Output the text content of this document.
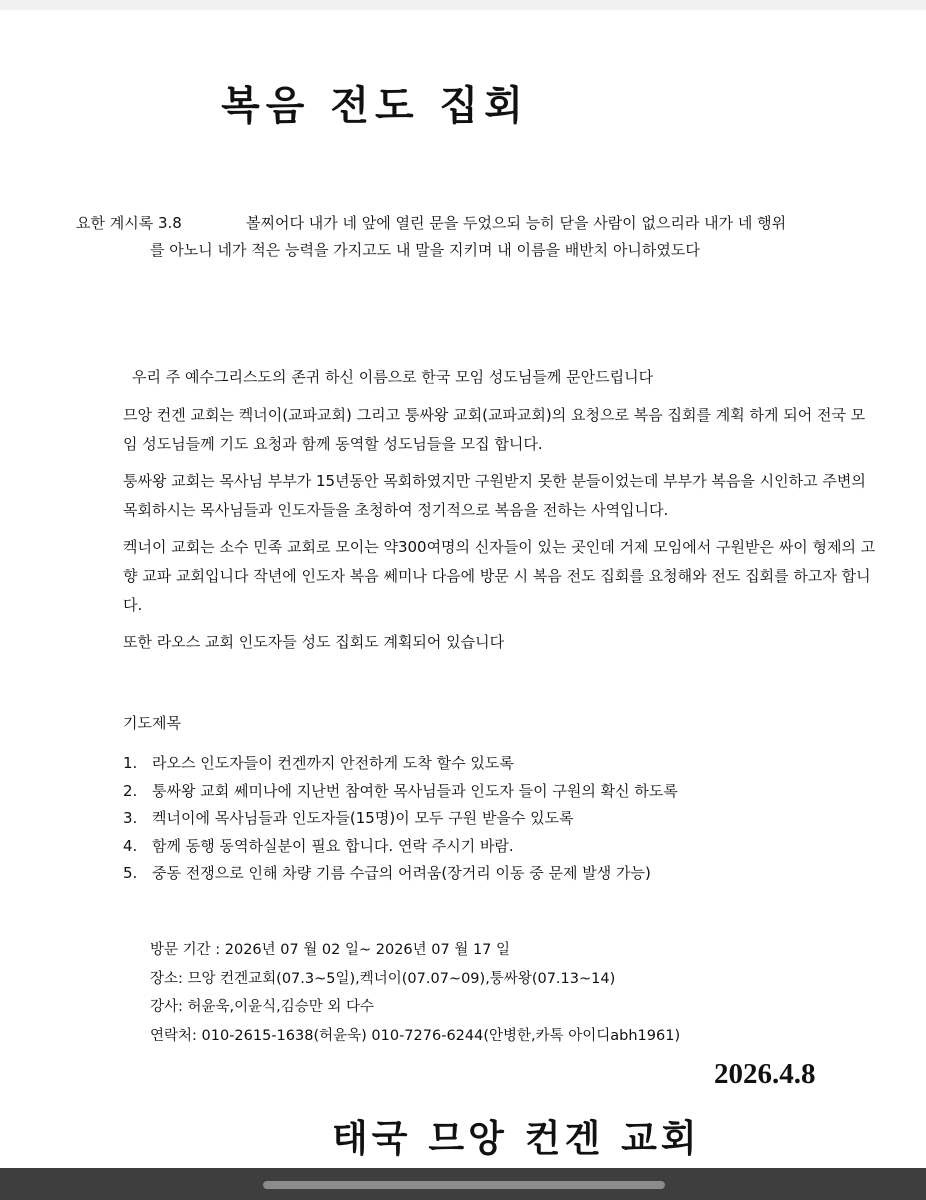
복음 전도 집회
요한 계시록 3.8	볼찌어다 내가 네 앞에 열린 문을 두었으되 능히 닫을 사람이 없으리라 내가 네 행위
를 아노니 네가 적은 능력을 가지고도 내 말을 지키며 내 이름을 배반치 아니하였도다

우리 주 예수그리스도의 존귀 하신 이름으로 한국 모임 성도님들께 문안드립니다

므앙 컨겐 교회는 켁너이(교파교회) 그리고 퉁싸왕 교회(교파교회)의 요청으로 복음 집회를 계획 하게 되어 전국 모임 성도님들께 기도 요청과 함께 동역할 성도님들을 모집 합니다.

퉁싸왕 교회는 목사님 부부가 15년동안 목회하였지만 구원받지 못한 분들이었는데 부부가 복음을 시인하고 주변의 목회하시는 목사님들과 인도자들을 초청하여 정기적으로 복음을 전하는 사역입니다.

켁너이 교회는 소수 민족 교회로 모이는 약300여명의 신자들이 있는 곳인데 거제 모임에서 구원받은 싸이 형제의 고향 교파 교회입니다 작년에 인도자 복음 쎄미나 다음에 방문 시 복음 전도 집회를 요청해와 전도 집회를 하고자 합니다.

또한 라오스 교회 인도자들 성도 집회도 계획되어 있습니다

기도제목

1. 라오스 인도자들이 컨겐까지 안전하게 도착 할수 있도록
2. 퉁싸왕 교회 쎄미나에 지난번 참여한 목사님들과 인도자 들이 구원의 확신 하도록
3. 켁너이에 목사님들과 인도자들(15명)이 모두 구원 받을수 있도록
4. 함께 동행 동역하실분이 필요 합니다. 연락 주시기 바람.
5. 중동 전쟁으로 인해 차량 기름 수급의 어려움(장거리 이동 중 문제 발생 가능)
방문 기간 : 2026년 07 월 02 일~ 2026년 07 월 17 일
장소: 므앙 컨겐교회(07.3~5일),켁너이(07.07~09),퉁싸왕(07.13~14)
강사: 허윤욱,이윤식,김승만 외 다수
연락처: 010-2615-1638(허윤욱) 010-7276-6244(안병한,카톡 아이디abh1961)
2026.4.8
태국 므앙 컨겐 교회
